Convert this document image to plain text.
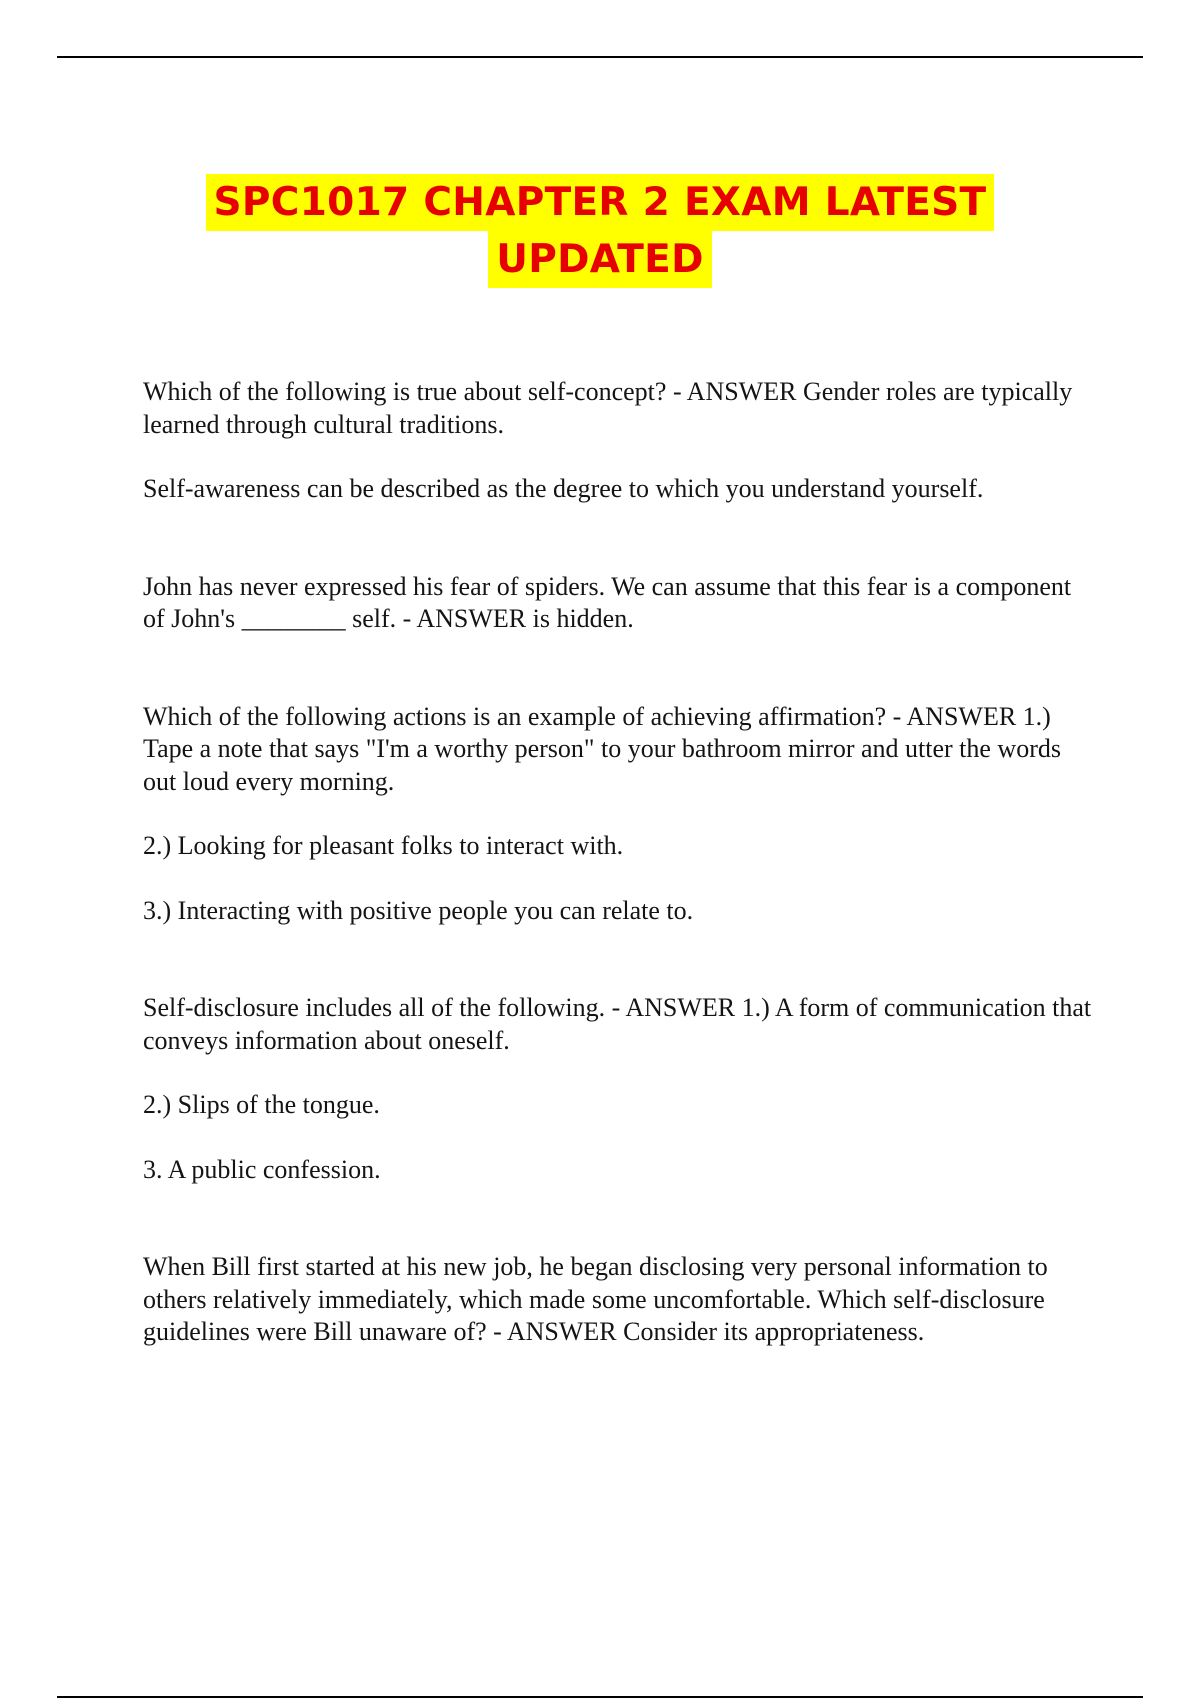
SPC1017 CHAPTER 2 EXAM LATEST
UPDATED

Which of the following is true about self-concept? - ANSWER Gender roles are typically learned through cultural traditions.

Self-awareness can be described as the degree to which you understand yourself.

John has never expressed his fear of spiders. We can assume that this fear is a component of John's ________ self. - ANSWER is hidden.

Which of the following actions is an example of achieving affirmation? - ANSWER 1.) Tape a note that says "I'm a worthy person" to your bathroom mirror and utter the words out loud every morning.

2.) Looking for pleasant folks to interact with.

3.) Interacting with positive people you can relate to.

Self-disclosure includes all of the following. - ANSWER 1.) A form of communication that conveys information about oneself.

2.) Slips of the tongue.

3. A public confession.

When Bill first started at his new job, he began disclosing very personal information to others relatively immediately, which made some uncomfortable. Which self-disclosure guidelines were Bill unaware of? - ANSWER Consider its appropriateness.
